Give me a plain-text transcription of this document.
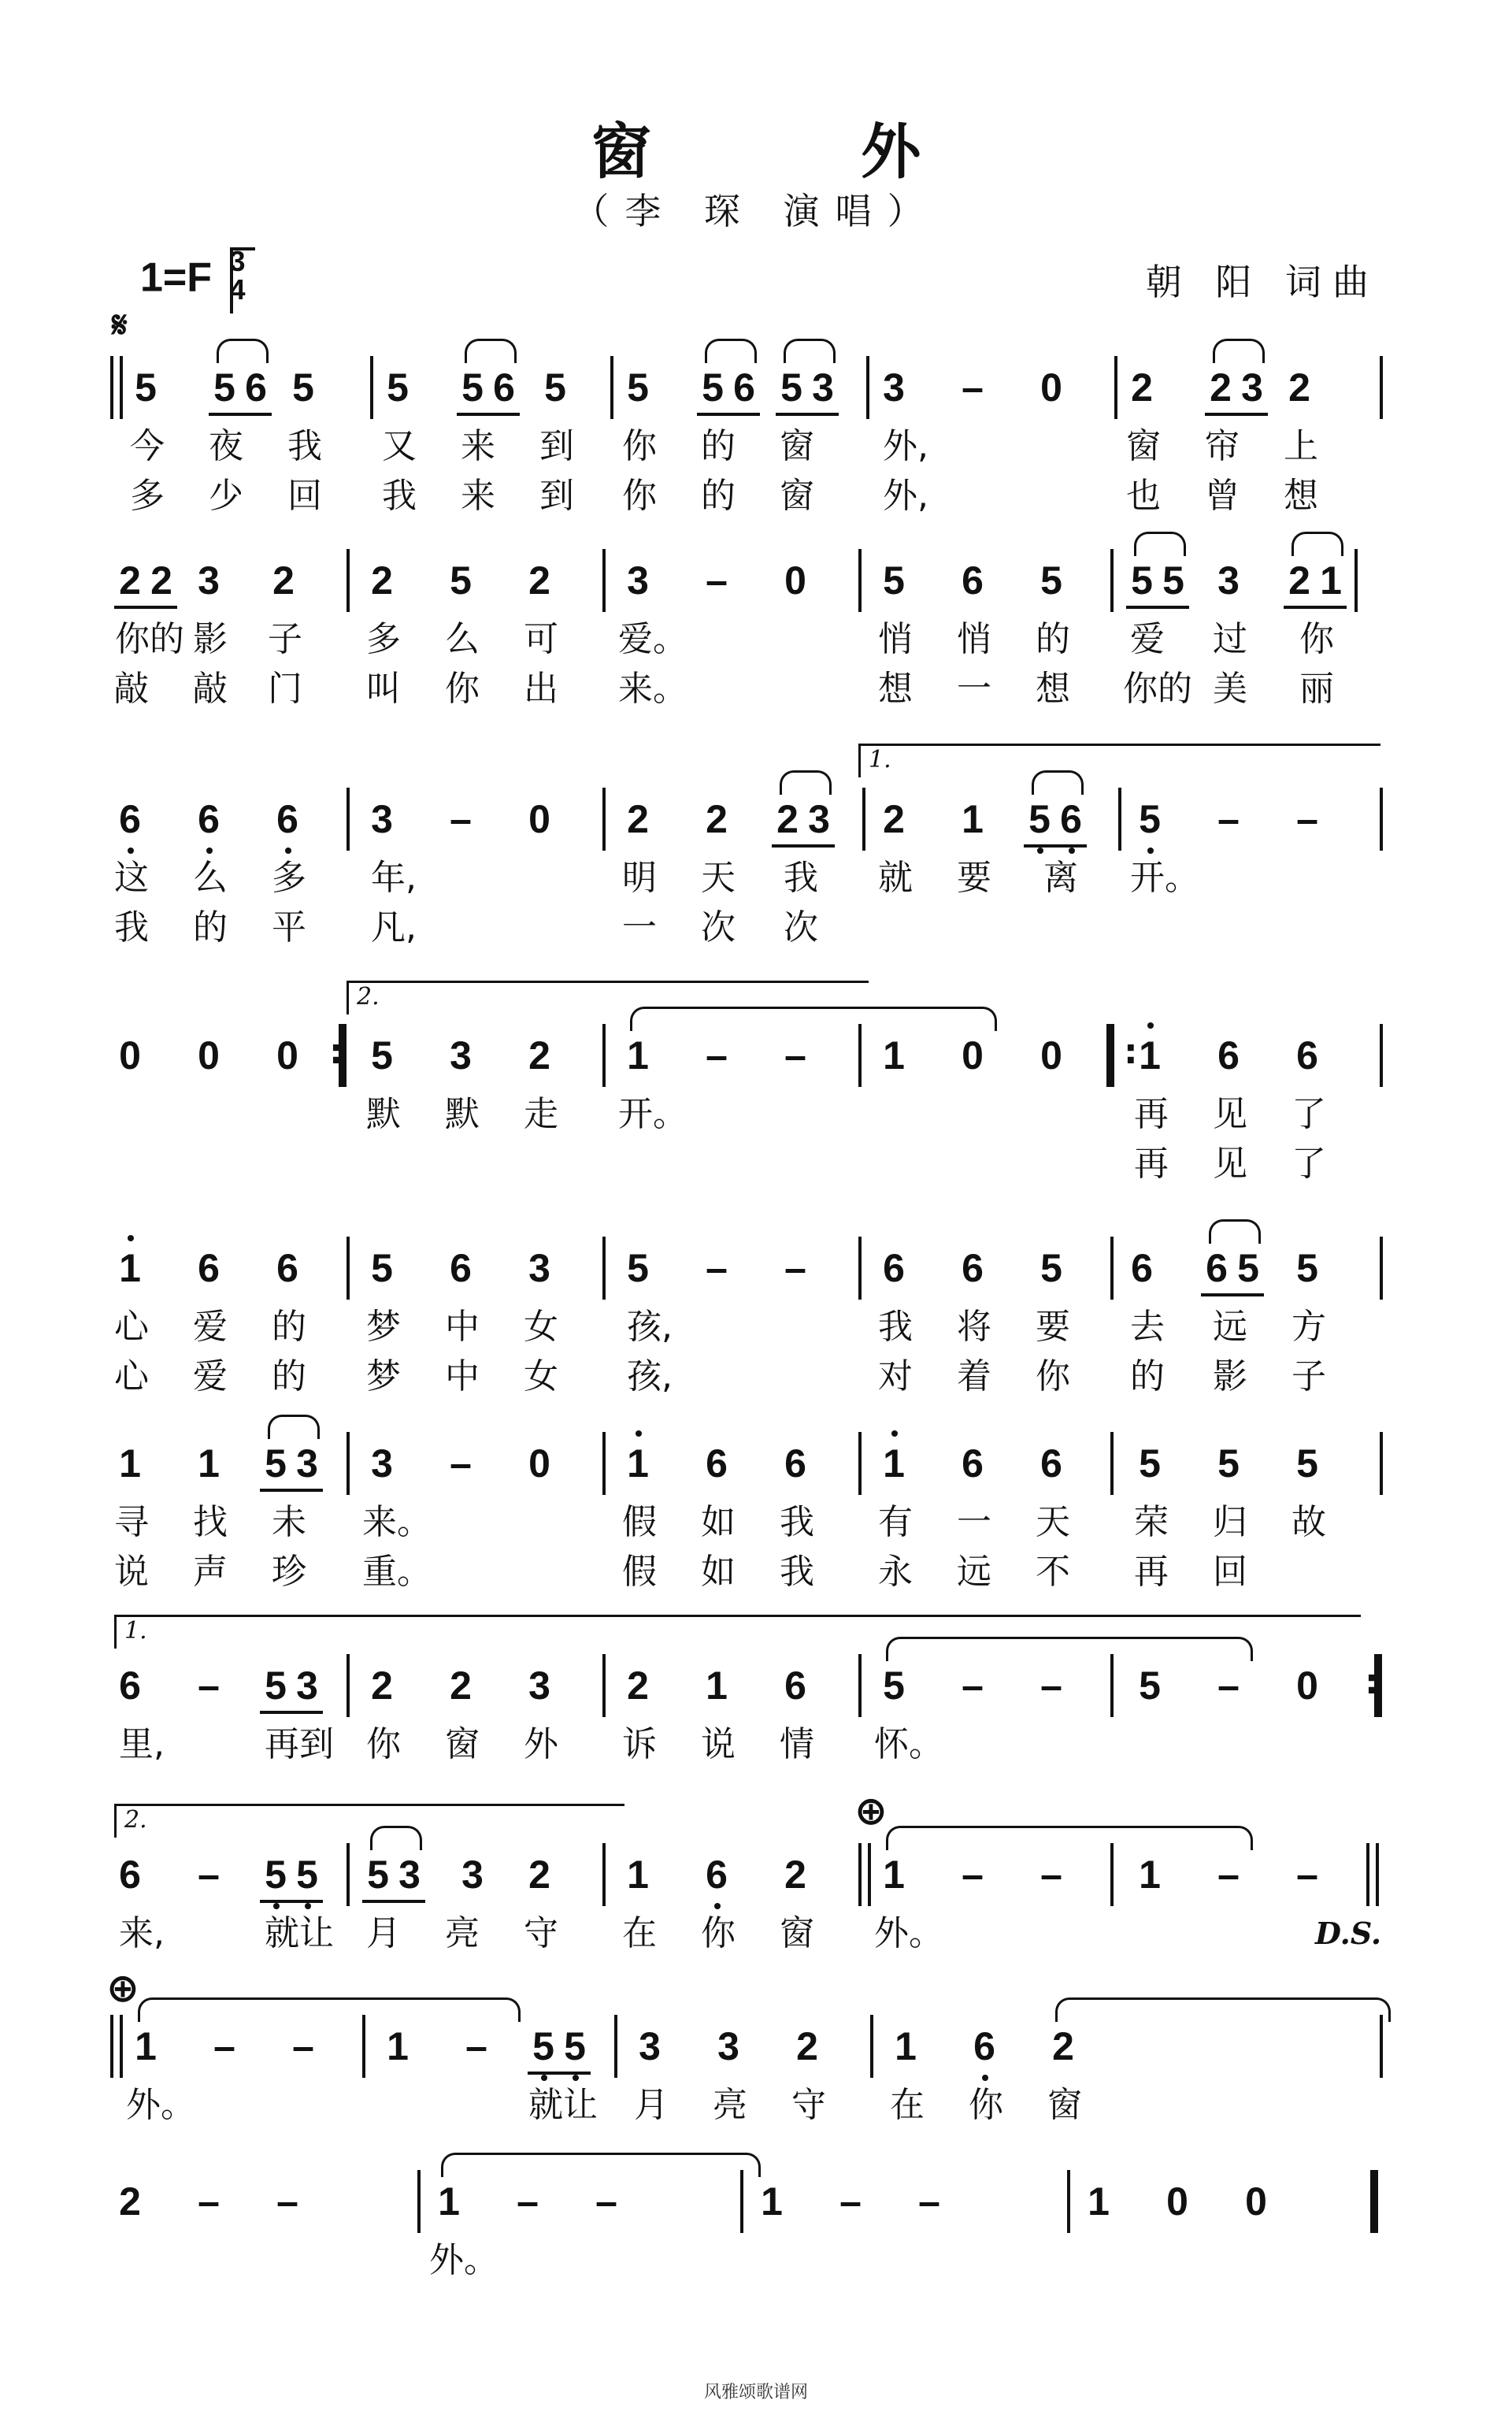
窗 外
（李 琛 演唱）
1=F 3
4	朝 阳 词曲
𝄋
5 5 6 5 5 5 6 5 5 5 6 5 3 3 – 0 2 2 3 2
今 夜 我 又 来 到 你 的 窗 外,	窗 帘 上
多 少 回 我 来 到 你 的 窗 外,	也 曾 想
2 2 3 2 2 5 2 3 – 0 5 6 5 5 5 3 2 1
你的 影 子 多 么 可 爱。	悄 悄 的 爱 过 你
敲 敲 门 叫 你 出 来。	想 一 想 你的 美 丽
1.
6 6 6 3 – 0 2 2 2 3 2 1 5 6 5 – –
这 么 多 年,	明 天 我 就 要 离 开。
我 的 平 凡,	一 次 次
2.
0 0 0 : 5 3 2 1 – – 1 0 0 : 1 6 6
默 默 走 开。	再 见 了
再 见 了
1 6 6 5 6 3 5 – – 6 6 5 6 6 5 5
心 爱 的 梦 中 女 孩,	我 将 要 去 远 方
心 爱 的 梦 中 女 孩,	对 着 你 的 影 子
1 1 5 3 3 – 0 1 6 6 1 6 6 5 5 5
寻 找 未 来。	假 如 我 有 一 天 荣 归 故
说 声 珍 重。	假 如 我 永 远 不 再 回
1.
6 – 5 3 2 2 3 2 1 6 5 – – 5 – 0
:
里,	再到 你 窗 外 诉 说 情 怀。
2.	⊕
6 – 5 5 5 3 3 2 1 6 2 1 – – 1 – –
来,	就让 月 亮 守 在 你 窗 外。	D.S.
⊕
1 – – 1 – 5 5 3 3 2 1 6 2
外。	就让 月 亮 守 在 你 窗
2 – –	1 – –	1 – –	1 0 0
外。
风雅颂歌谱网
